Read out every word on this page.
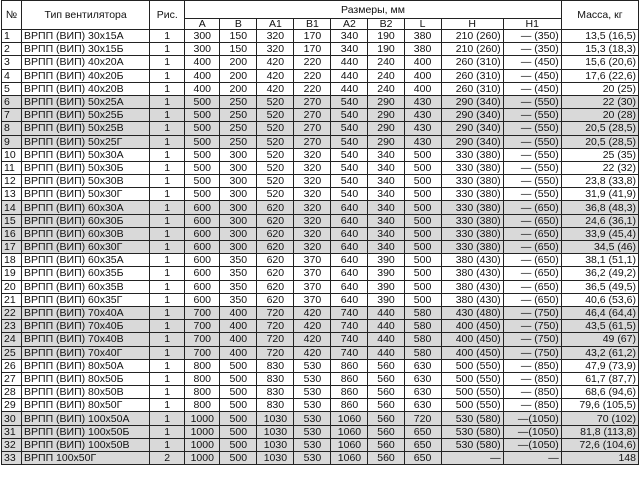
№	Тип вентилятора	Рис.	Размеры, мм									Масса, кг
			A	B	A1	B1	A2	B2	L	H	H1	
1	ВРПП (ВИП) 30x15A	1	300	150	320	170	340	190	380	210 (260)	— (350)	13,5 (16,5)
2	ВРПП (ВИП) 30x15Б	1	300	150	320	170	340	190	380	210 (260)	— (350)	15,3 (18,3)
3	ВРПП (ВИП) 40x20A	1	400	200	420	220	440	240	400	260 (310)	— (450)	15,6 (20,6)
4	ВРПП (ВИП) 40x20Б	1	400	200	420	220	440	240	400	260 (310)	— (450)	17,6 (22,6)
5	ВРПП (ВИП) 40x20В	1	400	200	420	220	440	240	400	260 (310)	— (450)	20 (25)
6	ВРПП (ВИП) 50x25A	1	500	250	520	270	540	290	430	290 (340)	— (550)	22 (30)
7	ВРПП (ВИП) 50x25Б	1	500	250	520	270	540	290	430	290 (340)	— (550)	20 (28)
8	ВРПП (ВИП) 50x25В	1	500	250	520	270	540	290	430	290 (340)	— (550)	20,5 (28,5)
9	ВРПП (ВИП) 50x25Г	1	500	250	520	270	540	290	430	290 (340)	— (550)	20,5 (28,5)
10	ВРПП (ВИП) 50x30A	1	500	300	520	320	540	340	500	330 (380)	— (550)	25 (35)
11	ВРПП (ВИП) 50x30Б	1	500	300	520	320	540	340	500	330 (380)	— (550)	22 (32)
12	ВРПП (ВИП) 50x30В	1	500	300	520	320	540	340	500	330 (380)	— (550)	23,8 (33,8)
13	ВРПП (ВИП) 50x30Г	1	500	300	520	320	540	340	500	330 (380)	— (550)	31,9 (41,9)
14	ВРПП (ВИП) 60x30A	1	600	300	620	320	640	340	500	330 (380)	— (650)	36,8 (48,3)
15	ВРПП (ВИП) 60x30Б	1	600	300	620	320	640	340	500	330 (380)	— (650)	24,6 (36,1)
16	ВРПП (ВИП) 60x30В	1	600	300	620	320	640	340	500	330 (380)	— (650)	33,9 (45,4)
17	ВРПП (ВИП) 60x30Г	1	600	300	620	320	640	340	500	330 (380)	— (650)	34,5 (46)
18	ВРПП (ВИП) 60x35A	1	600	350	620	370	640	390	500	380 (430)	— (650)	38,1 (51,1)
19	ВРПП (ВИП) 60x35Б	1	600	350	620	370	640	390	500	380 (430)	— (650)	36,2 (49,2)
20	ВРПП (ВИП) 60x35В	1	600	350	620	370	640	390	500	380 (430)	— (650)	36,5 (49,5)
21	ВРПП (ВИП) 60x35Г	1	600	350	620	370	640	390	500	380 (430)	— (650)	40,6 (53,6)
22	ВРПП (ВИП) 70x40A	1	700	400	720	420	740	440	580	430 (480)	— (750)	46,4 (64,4)
23	ВРПП (ВИП) 70x40Б	1	700	400	720	420	740	440	580	400 (450)	— (750)	43,5 (61,5)
24	ВРПП (ВИП) 70x40В	1	700	400	720	420	740	440	580	400 (450)	— (750)	49 (67)
25	ВРПП (ВИП) 70x40Г	1	700	400	720	420	740	440	580	400 (450)	— (750)	43,2 (61,2)
26	ВРПП (ВИП) 80x50A	1	800	500	830	530	860	560	630	500 (550)	— (850)	47,9 (73,9)
27	ВРПП (ВИП) 80x50Б	1	800	500	830	530	860	560	630	500 (550)	— (850)	61,7 (87,7)
28	ВРПП (ВИП) 80x50В	1	800	500	830	530	860	560	630	500 (550)	— (850)	68,6 (94,6)
29	ВРПП (ВИП) 80x50Г	1	800	500	830	530	860	560	630	500 (550)	— (850)	79,6 (105,5)
30	ВРПП (ВИП) 100x50A	1	1000	500	1030	530	1060	560	720	530 (580)	—(1050)	70 (102)
31	ВРПП (ВИП) 100x50Б	1	1000	500	1030	530	1060	560	650	530 (580)	—(1050)	81,8 (113,8)
32	ВРПП (ВИП) 100x50В	1	1000	500	1030	530	1060	560	650	530 (580)	—(1050)	72,6 (104,6)
33	ВРПП 100x50Г	2	1000	500	1030	530	1060	560	650	—	—	148
